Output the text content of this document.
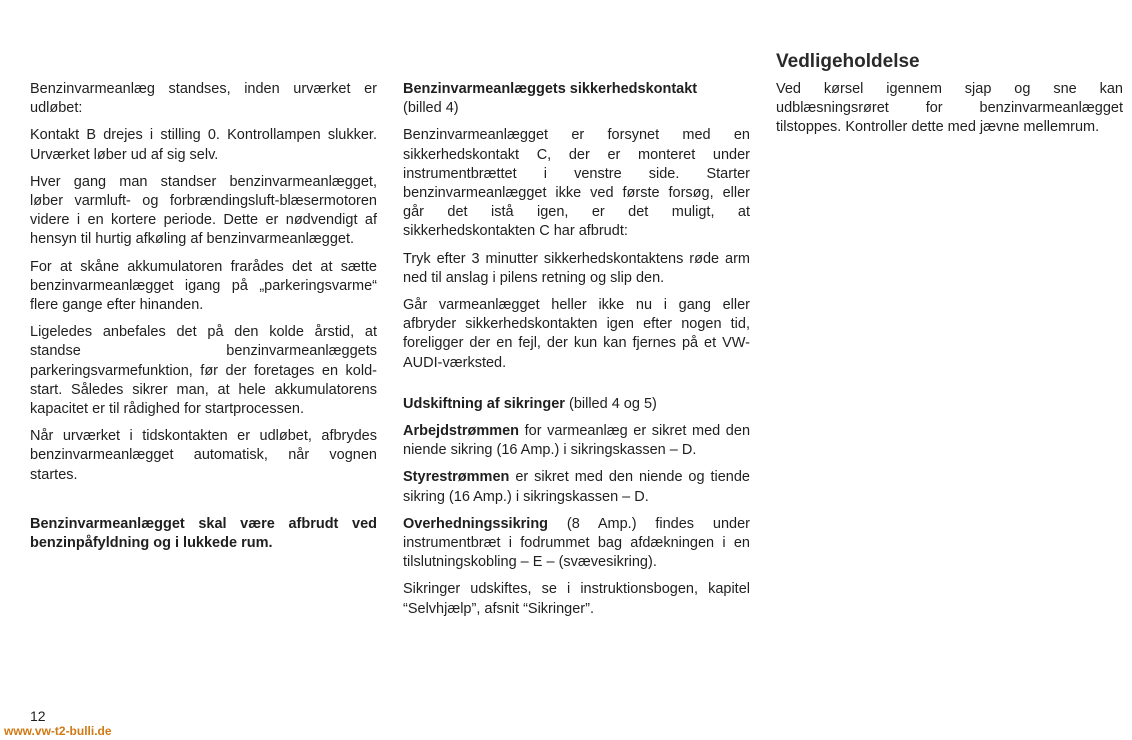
Benzinvarmeanlæg standses, inden urværket er udløbet:

Kontakt B drejes i stilling 0. Kontrollampen slukker. Urværket løber ud af sig selv.

Hver gang man standser benzinvarmeanlægget, løber varmluft- og forbrændingsluft-blæsermotoren videre i en kortere periode. Dette er nødvendigt af hensyn til hurtig afkøling af benzinvarmeanlægget.

For at skåne akkumulatoren frarådes det at sætte benzinvarmeanlægget igang på „parkeringsvarme“ flere gange efter hinanden.

Ligeledes anbefales det på den kolde årstid, at standse benzinvarmeanlæggets parkeringsvarmefunktion, før der foretages en kold-start. Således sikrer man, at hele akkumulatorens kapacitet er til rådighed for startprocessen.

Når urværket i tidskontakten er udløbet, afbrydes benzinvarmeanlægget automatisk, når vognen startes.

Benzinvarmeanlægget skal være afbrudt ved benzinpåfyldning og i lukkede rum.

Benzinvarmeanlæggets sikkerhedskontakt
(billed 4)

Benzinvarmeanlægget er forsynet med en sikkerhedskontakt C, der er monteret under instrumentbrættet i venstre side. Starter benzinvarmeanlægget ikke ved første forsøg, eller går det istå igen, er det muligt, at sikkerhedskontakten C har afbrudt:

Tryk efter 3 minutter sikkerhedskontaktens røde arm ned til anslag i pilens retning og slip den.

Går varmeanlægget heller ikke nu i gang eller afbryder sikkerhedskontakten igen efter nogen tid, foreligger der en fejl, der kun kan fjernes på et VW-AUDI-værksted.

Udskiftning af sikringer (billed 4 og 5)

Arbejdstrømmen for varmeanlæg er sikret med den niende sikring (16 Amp.) i sikringskassen – D.

Styrestrømmen er sikret med den niende og tiende sikring (16 Amp.) i sikringskassen – D.

Overhedningssikring (8 Amp.) findes under instrumentbræt i fodrummet bag afdækningen i en tilslutningskobling – E – (svævesikring).

Sikringer udskiftes, se i instruktionsbogen, kapitel “Selvhjælp”, afsnit “Sikringer”.

Vedligeholdelse

Ved kørsel igennem sjap og sne kan udblæsningsrøret for benzinvarmeanlægget tilstoppes. Kontroller dette med jævne mellemrum.

12
www.vw-t2-bulli.de
